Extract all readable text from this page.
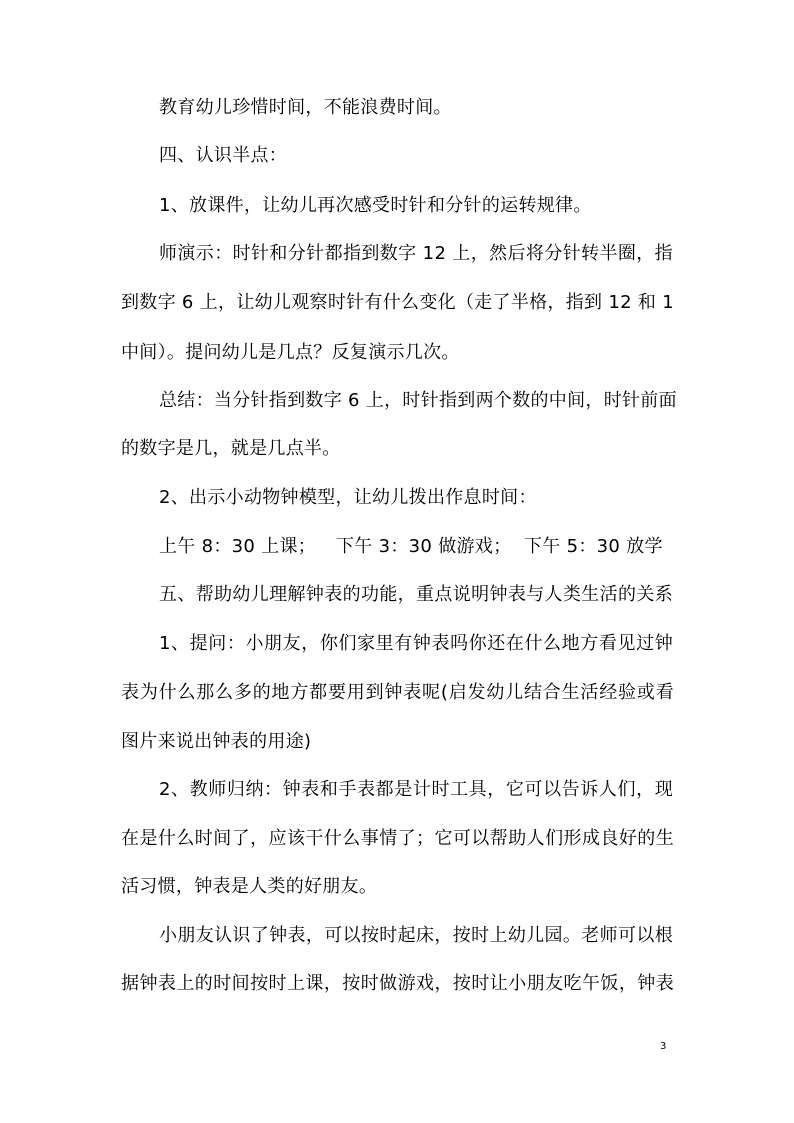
教育幼儿珍惜时间，不能浪费时间。
四、认识半点：
1、放课件，让幼儿再次感受时针和分针的运转规律。
师演示：时针和分针都指到数字 12 上，然后将分针转半圈，指
到数字 6 上，让幼儿观察时针有什么变化（走了半格，指到 12 和 1
中间）。提问幼儿是几点？反复演示几次。
总结：当分针指到数字 6 上，时针指到两个数的中间，时针前面
的数字是几，就是几点半。
2、出示小动物钟模型，让幼儿拨出作息时间：
上午 8：30 上课； 下午 3：30 做游戏； 下午 5：30 放学
五、帮助幼儿理解钟表的功能，重点说明钟表与人类生活的关系
1、提问：小朋友，你们家里有钟表吗你还在什么地方看见过钟
表为什么那么多的地方都要用到钟表呢(启发幼儿结合生活经验或看
图片来说出钟表的用途)
2、教师归纳：钟表和手表都是计时工具，它可以告诉人们，现
在是什么时间了，应该干什么事情了；它可以帮助人们形成良好的生
活习惯，钟表是人类的好朋友。
小朋友认识了钟表，可以按时起床，按时上幼儿园。老师可以根
据钟表上的时间按时上课，按时做游戏，按时让小朋友吃午饭，钟表
3
